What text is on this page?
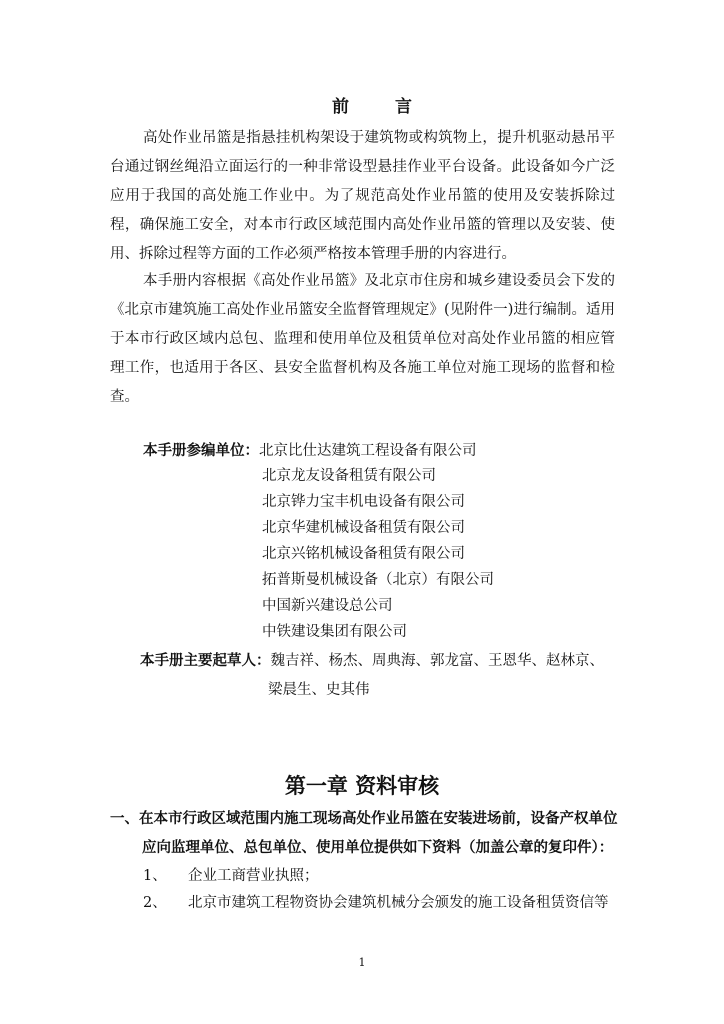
前 言
高处作业吊篮是指悬挂机构架设于建筑物或构筑物上，提升机驱动悬吊平台通过钢丝绳沿立面运行的一种非常设型悬挂作业平台设备。此设备如今广泛应用于我国的高处施工作业中。为了规范高处作业吊篮的使用及安装拆除过程，确保施工安全，对本市行政区域范围内高处作业吊篮的管理以及安装、使用、拆除过程等方面的工作必须严格按本管理手册的内容进行。
本手册内容根据《高处作业吊篮》及北京市住房和城乡建设委员会下发的《北京市建筑施工高处作业吊篮安全监督管理规定》(见附件一)进行编制。适用于本市行政区域内总包、监理和使用单位及租赁单位对高处作业吊篮的相应管理工作，也适用于各区、县安全监督机构及各施工单位对施工现场的监督和检查。
本手册参编单位：北京比仕达建筑工程设备有限公司
北京龙友设备租赁有限公司
北京铧力宝丰机电设备有限公司
北京华建机械设备租赁有限公司
北京兴铭机械设备租赁有限公司
拓普斯曼机械设备（北京）有限公司
中国新兴建设总公司
中铁建设集团有限公司
本手册主要起草人：魏吉祥、杨杰、周典海、郭龙富、王恩华、赵林京、
梁晨生、史其伟
第一章 资料审核
一、在本市行政区域范围内施工现场高处作业吊篮在安装进场前，设备产权单位
应向监理单位、总包单位、使用单位提供如下资料（加盖公章的复印件）：
1、 企业工商营业执照；
2、 北京市建筑工程物资协会建筑机械分会颁发的施工设备租赁资信等
1
